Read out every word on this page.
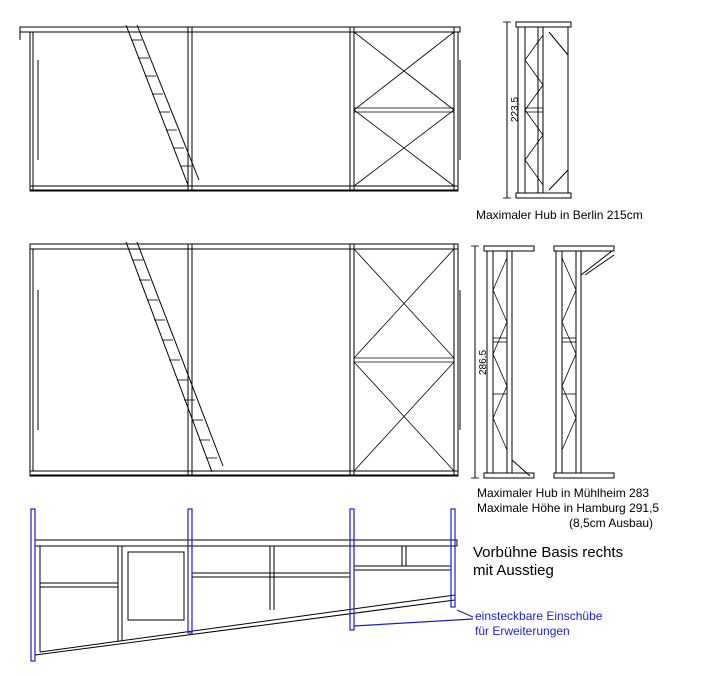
223,5
286,5
Maximaler Hub in Berlin 215cm
Maximaler Hub in Mühlheim 283
Maximale Höhe in Hamburg 291,5
(8,5cm Ausbau)
Vorbühne Basis rechts
mit Ausstieg
einsteckbare Einschübe
für Erweiterungen
